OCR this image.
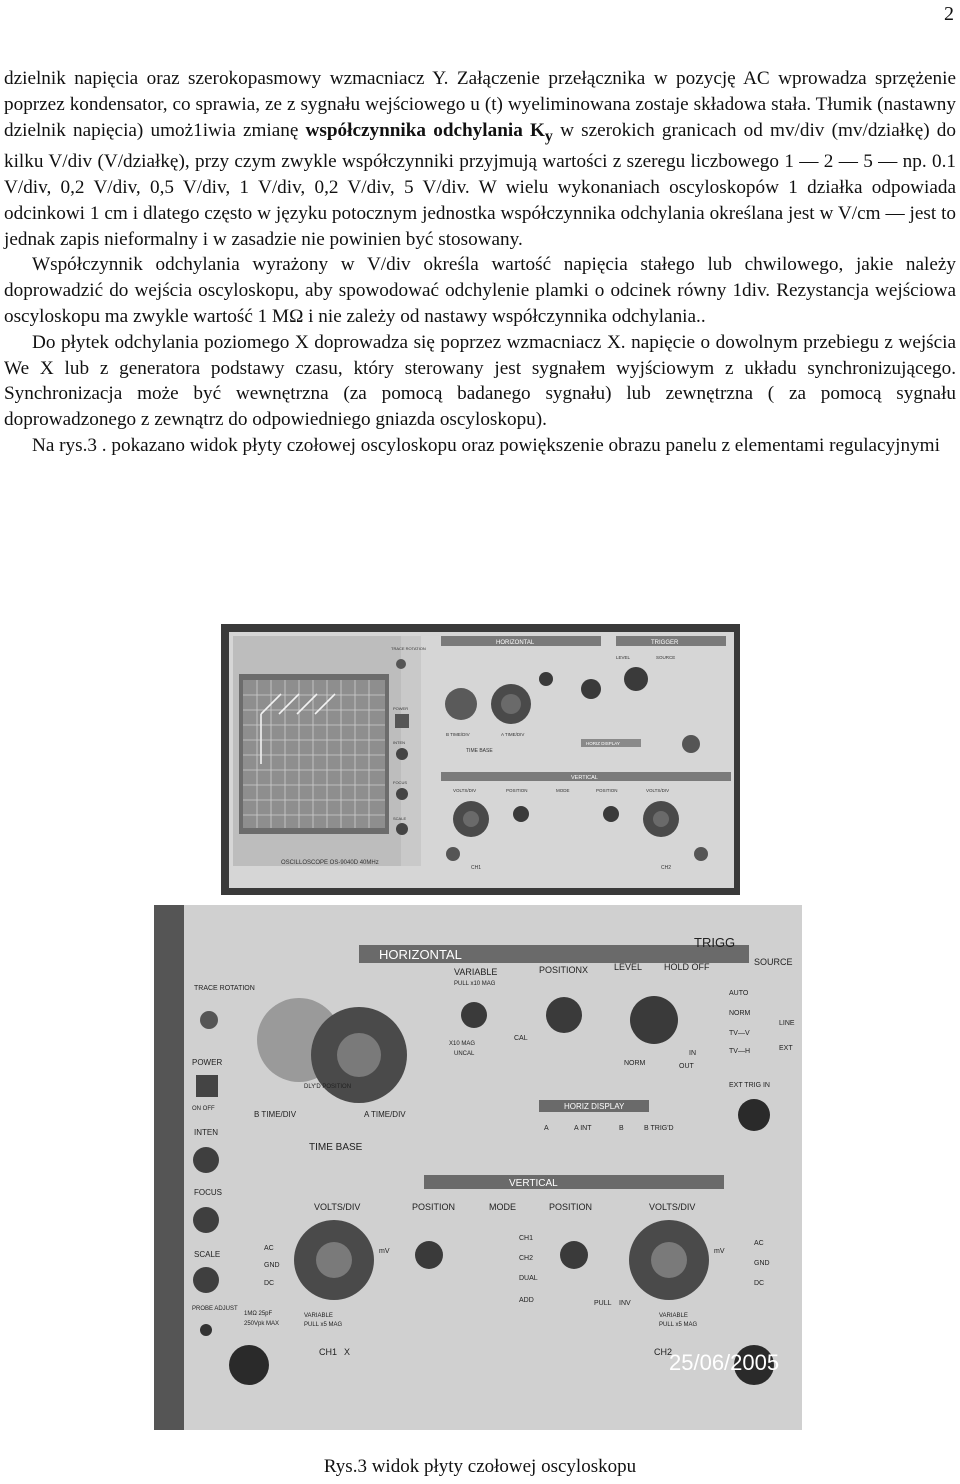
2

dzielnik napięcia oraz szerokopasmowy wzmacniacz Y. Załączenie przełącznika w pozycję AC wprowadza sprzężenie poprzez kondensator, co sprawia, ze z sygnału wejściowego u (t) wyeliminowana zostaje składowa stała. Tłumik (nastawny dzielnik napięcia) umoż1iwia zmianę współczynnika odchylania $K_y$ w szerokich granicach od mv/div (mv/działkę) do kilku V/div (V/działkę), przy czym zwykle współczynniki przyjmują wartości z szeregu liczbowego 1 — 2 — 5 — np. 0.1 V/div, 0,2 V/div, 0,5 V/div, 1 V/div, 0,2 V/div, 5 V/div. W wielu wykonaniach oscyloskopów 1 działka odpowiada odcinkowi 1 cm i dlatego często w języku potocznym jednostka współczynnika odchylania określana jest w V/cm — jest to jednak zapis nieformalny i w zasadzie nie powinien być stosowany.

Współczynnik odchylania wyrażony w V/div określa wartość napięcia stałego lub chwilowego, jakie należy doprowadzić do wejścia oscyloskopu, aby spowodować odchylenie plamki o odcinek równy 1div. Rezystancja wejściowa oscyloskopu ma zwykle wartość 1 MΩ i nie zależy od nastawy współczynnika odchylania..

Do płytek odchylania poziomego X doprowadza się poprzez wzmacniacz X. napięcie o dowolnym przebiegu z wejścia We X lub z generatora podstawy czasu, który sterowany jest sygnałem wyjściowym z układu synchronizującego. Synchronizacja może być wewnętrzna (za pomocą badanego sygnału) lub zewnętrzna ( za pomocą sygnału doprowadzonego z zewnątrz do odpowiedniego gniazda oscyloskopu).

Na rys.3 . pokazano widok płyty czołowej oscyloskopu oraz powiększenie obrazu panelu z elementami regulacyjnymi

OSCILLOSCOPE OS-9040D 40MHz
TRACE ROTATION
POWER
INTEN
FOCUS
SCALE
HORIZONTAL	TRIGGER
B TIME/DIV	A TIME/DIV
TIME BASE
SOURCE
LEVEL
HORIZ DISPLAY
VERTICAL
VOLTS/DIV	POSITION	MODE	POSITION	VOLTS/DIV
CH1	CH2
HORIZONTAL
TRIGG
TRACE ROTATION
POWER
ON OFF
INTEN
FOCUS
SCALE
PROBE ADJUST
VARIABLE
PULL x10 MAG
POSITION X	LEVEL HOLD OFF	SOURCE
AUTO
NORM
TV—V
TV—H
LINE
EXT
NORM
IN
OUT
EXT TRIG IN
DLY'D POSITION
B TIME/DIV	A TIME/DIV
TIME BASE
X10 MAG
UNCAL
CAL
HORIZ DISPLAY
A	A INT	B	B TRIG'D
VERTICAL
VOLTS/DIV	POSITION	MODE	POSITION	VOLTS/DIV
AC
GND
DC
mV
CH1
CH2
DUAL
ADD	PULL INV
mV
AC
GND
DC
VARIABLE
PULL x5 MAG
VARIABLE
PULL x5 MAG
1MΩ 25pF
250Vpk MAX
CH1 X	CH2
25/06/2005
Rys.3 widok płyty czołowej oscyloskopu
